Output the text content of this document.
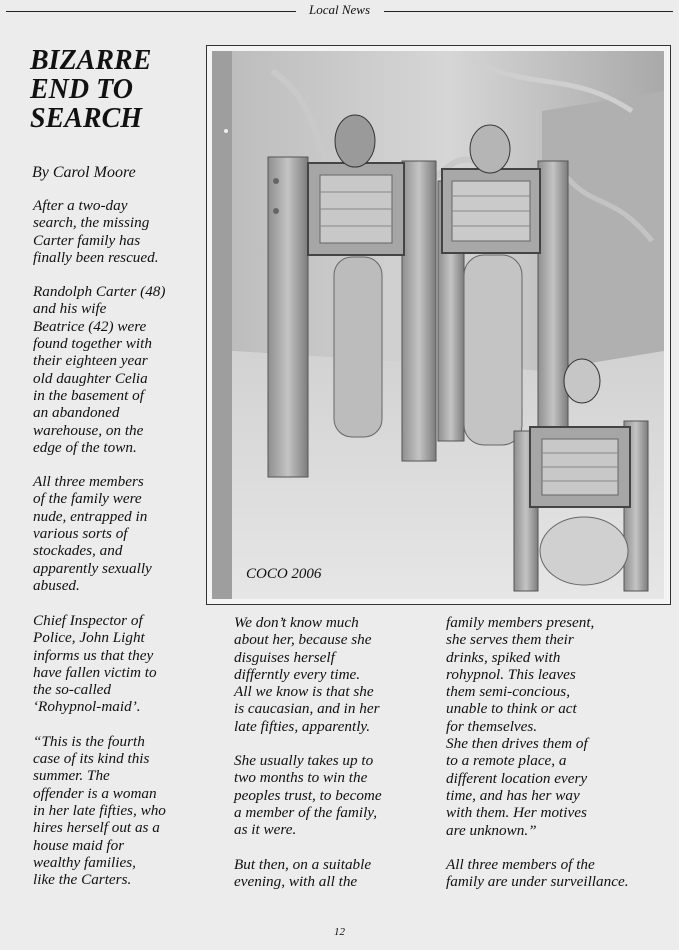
Local News
BIZARRE
END TO
SEARCH
By Carol Moore

After a two-day
search, the missing
Carter family has
finally been rescued.

Randolph Carter (48)
and his wife
Beatrice (42) were
found together with
their eighteen year
old daughter Celia
in the basement of
an abandoned
warehouse, on the
edge of the town.

All three members
of the family were
nude, entrapped in
various sorts of
stockades, and
apparently sexually
abused.

Chief Inspector of
Police, John Light
informs us that they
have fallen victim to
the so-called
‘Rohypnol-maid’.

“This is the fourth
case of its kind this
summer. The
offender is a woman
in her late fifties, who
hires herself out as a
house maid for
wealthy families,
like the Carters.

We don’t know much
about her, because she
disguises herself
differntly every time.
All we know is that she
is caucasian, and in her
late fifties, apparently.

She usually takes up to
two months to win the
peoples trust, to become
a member of the family,
as it were.

But then, on a suitable
evening, with all the

family members present,
she serves them their
drinks, spiked with
rohypnol. This leaves
them semi-concious,
unable to think or act
for themselves.

She then drives them of
to a remote place, a
different location every
time, and has her way
with them. Her motives
are unknown.”

All three members of the
family are under surveillance.

COCO 2006
12
